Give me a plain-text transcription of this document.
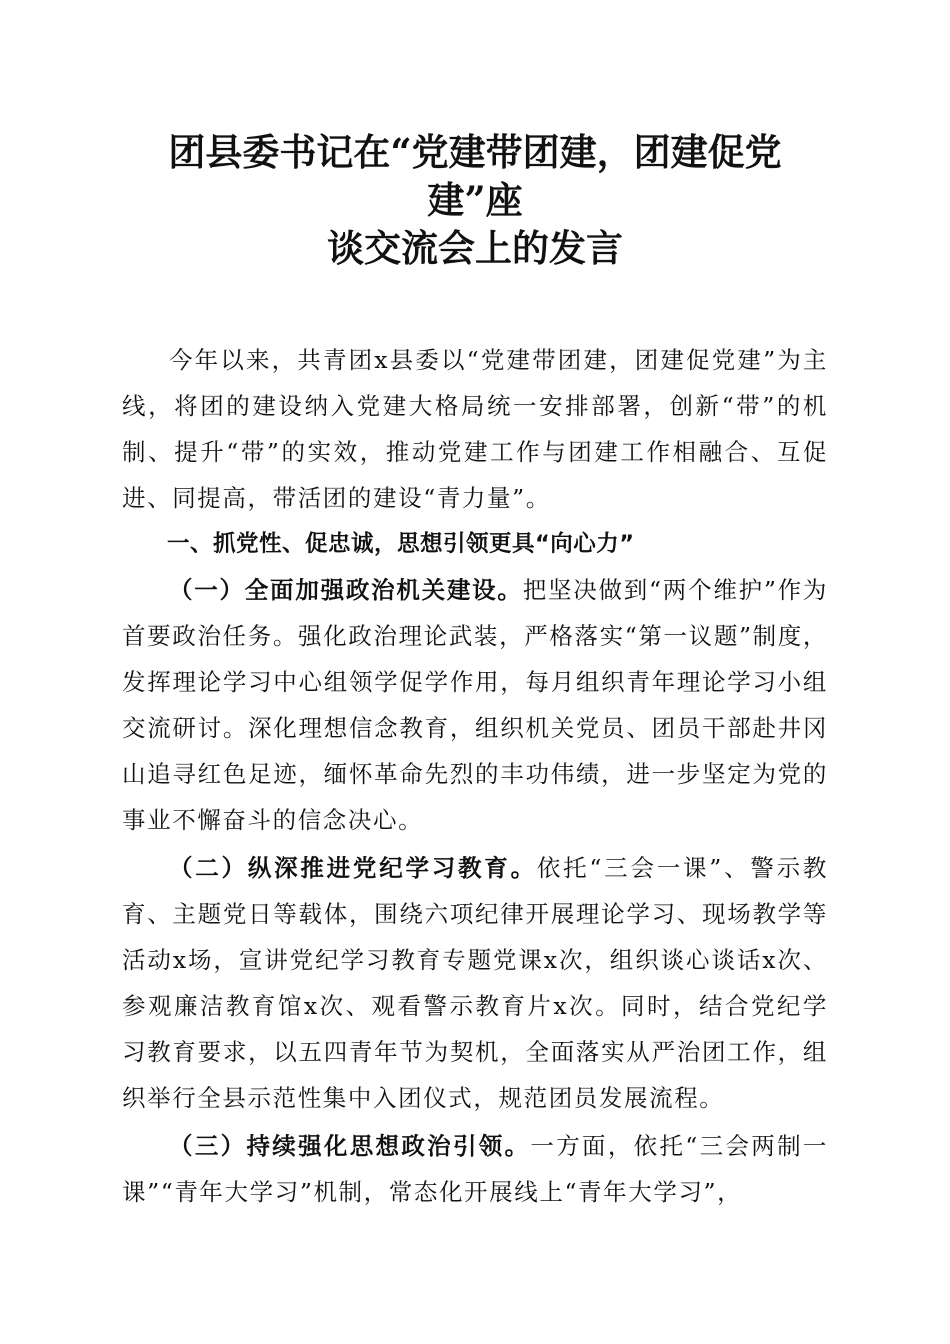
团县委书记在“党建带团建，团建促党建”座
谈交流会上的发言

今年以来，共青团x县委以“党建带团建，团建促党建”为主线，将团的建设纳入党建大格局统一安排部署，创新“带”的机制、提升“带”的实效，推动党建工作与团建工作相融合、互促进、同提高，带活团的建设“青力量”。

一、抓党性、促忠诚，思想引领更具“向心力”

（一）全面加强政治机关建设。把坚决做到“两个维护”作为首要政治任务。强化政治理论武装，严格落实“第一议题”制度，发挥理论学习中心组领学促学作用，每月组织青年理论学习小组交流研讨。深化理想信念教育，组织机关党员、团员干部赴井冈山追寻红色足迹，缅怀革命先烈的丰功伟绩，进一步坚定为党的事业不懈奋斗的信念决心。

（二）纵深推进党纪学习教育。依托“三会一课”、警示教育、主题党日等载体，围绕六项纪律开展理论学习、现场教学等活动x场，宣讲党纪学习教育专题党课x次，组织谈心谈话x次、参观廉洁教育馆x次、观看警示教育片x次。同时，结合党纪学习教育要求，以五四青年节为契机，全面落实从严治团工作，组织举行全县示范性集中入团仪式，规范团员发展流程。

（三）持续强化思想政治引领。一方面，依托“三会两制一课”“青年大学习”机制，常态化开展线上“青年大学习”，
